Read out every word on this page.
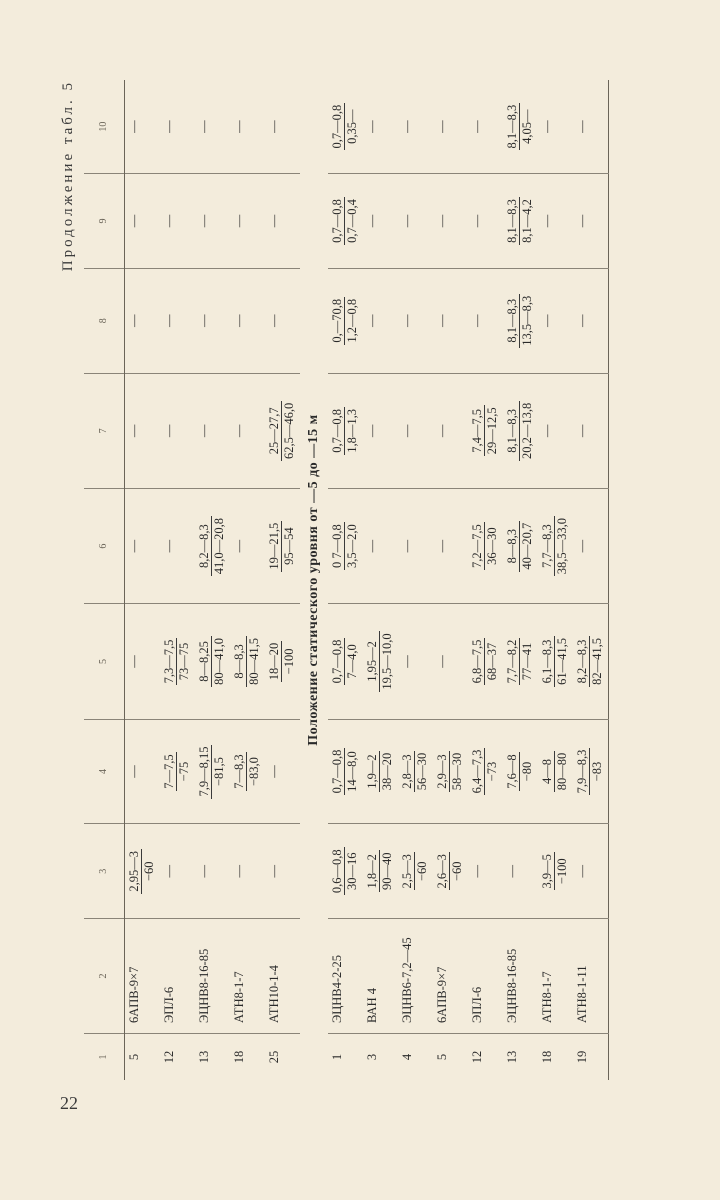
22
Продолжение табл. 5
1	2	3	4	5	6	7	8	9	10
5	6АПВ-9×7	2,95—3 −60	—	—	—	—	—	—	—

12	ЭПЛ-6	—	7—7,5 −75	7,3—7,5 73—75	—	—	—	—	—

13	ЭЦНВ8-16-85	—	7,9—8,15 −81,5	8—8,25 80—41,0	8,2—8,3 41,0—20,8	—	—	—	—

18	АТН8-1-7	—	7—8,3 −83,0	8—8,3 80—41,5	—	—	—	—	—

25	АТН10-1-4	—	—	18—20 −100	19—21,5 95—54	25—27,7 62,5—46,0	—	—	—

Положение статического уровня от —5 до —15 м									
1	ЭЦНВ4-2-25	0,6—0,8 30—16	0,7—0,8 14—8,0	0,7—0,8 7—4,0	0 7—0,8 3,5—2,0	0,7—0,8 1,8—1,3	0,—70,8 1,2—0,8	0,7—0,8 0,7—0,4	0,7—0,8 0,35—

3	ВАН 4	1,8—2 90—40	1,9—2 38—20	1,95—2 19,5—10,0	—	—	—	—	—

4	ЭЦНВ6-7,2—45	2,5—3 −60	2,8—3 56—30	—	—	—	—	—	—

5	6АПВ-9×7	2,6—3 −60	2,9—3 58—30	—	—	—	—	—	—

12	ЭПЛ-6	—	6,4—7,3 −73	6,8—7,5 68—37	7,2—7,5 36—30	7,4—7,5 29—12,5	—	—	—

13	ЭЦНВ8-16-85	—	7,6—8 −80	7,7—8,2 77—41	8—8,3 40—20,7	8,1—8,3 20,2—13,8	8,1—8,3 13,5—8,3	8,1—8,3 8,1—4,2	8,1—8,3 4,05—

18	АТН8-1-7	3,9—5 −100	4—8 80—80	6,1—8,3 61—41,5	7,7—8,3 38,5—33,0	—	—	—	—

19	АТН8-1-11	—	7,9—8,3 −83	8,2—8,3 82—41,5	—	—	—	—	—
